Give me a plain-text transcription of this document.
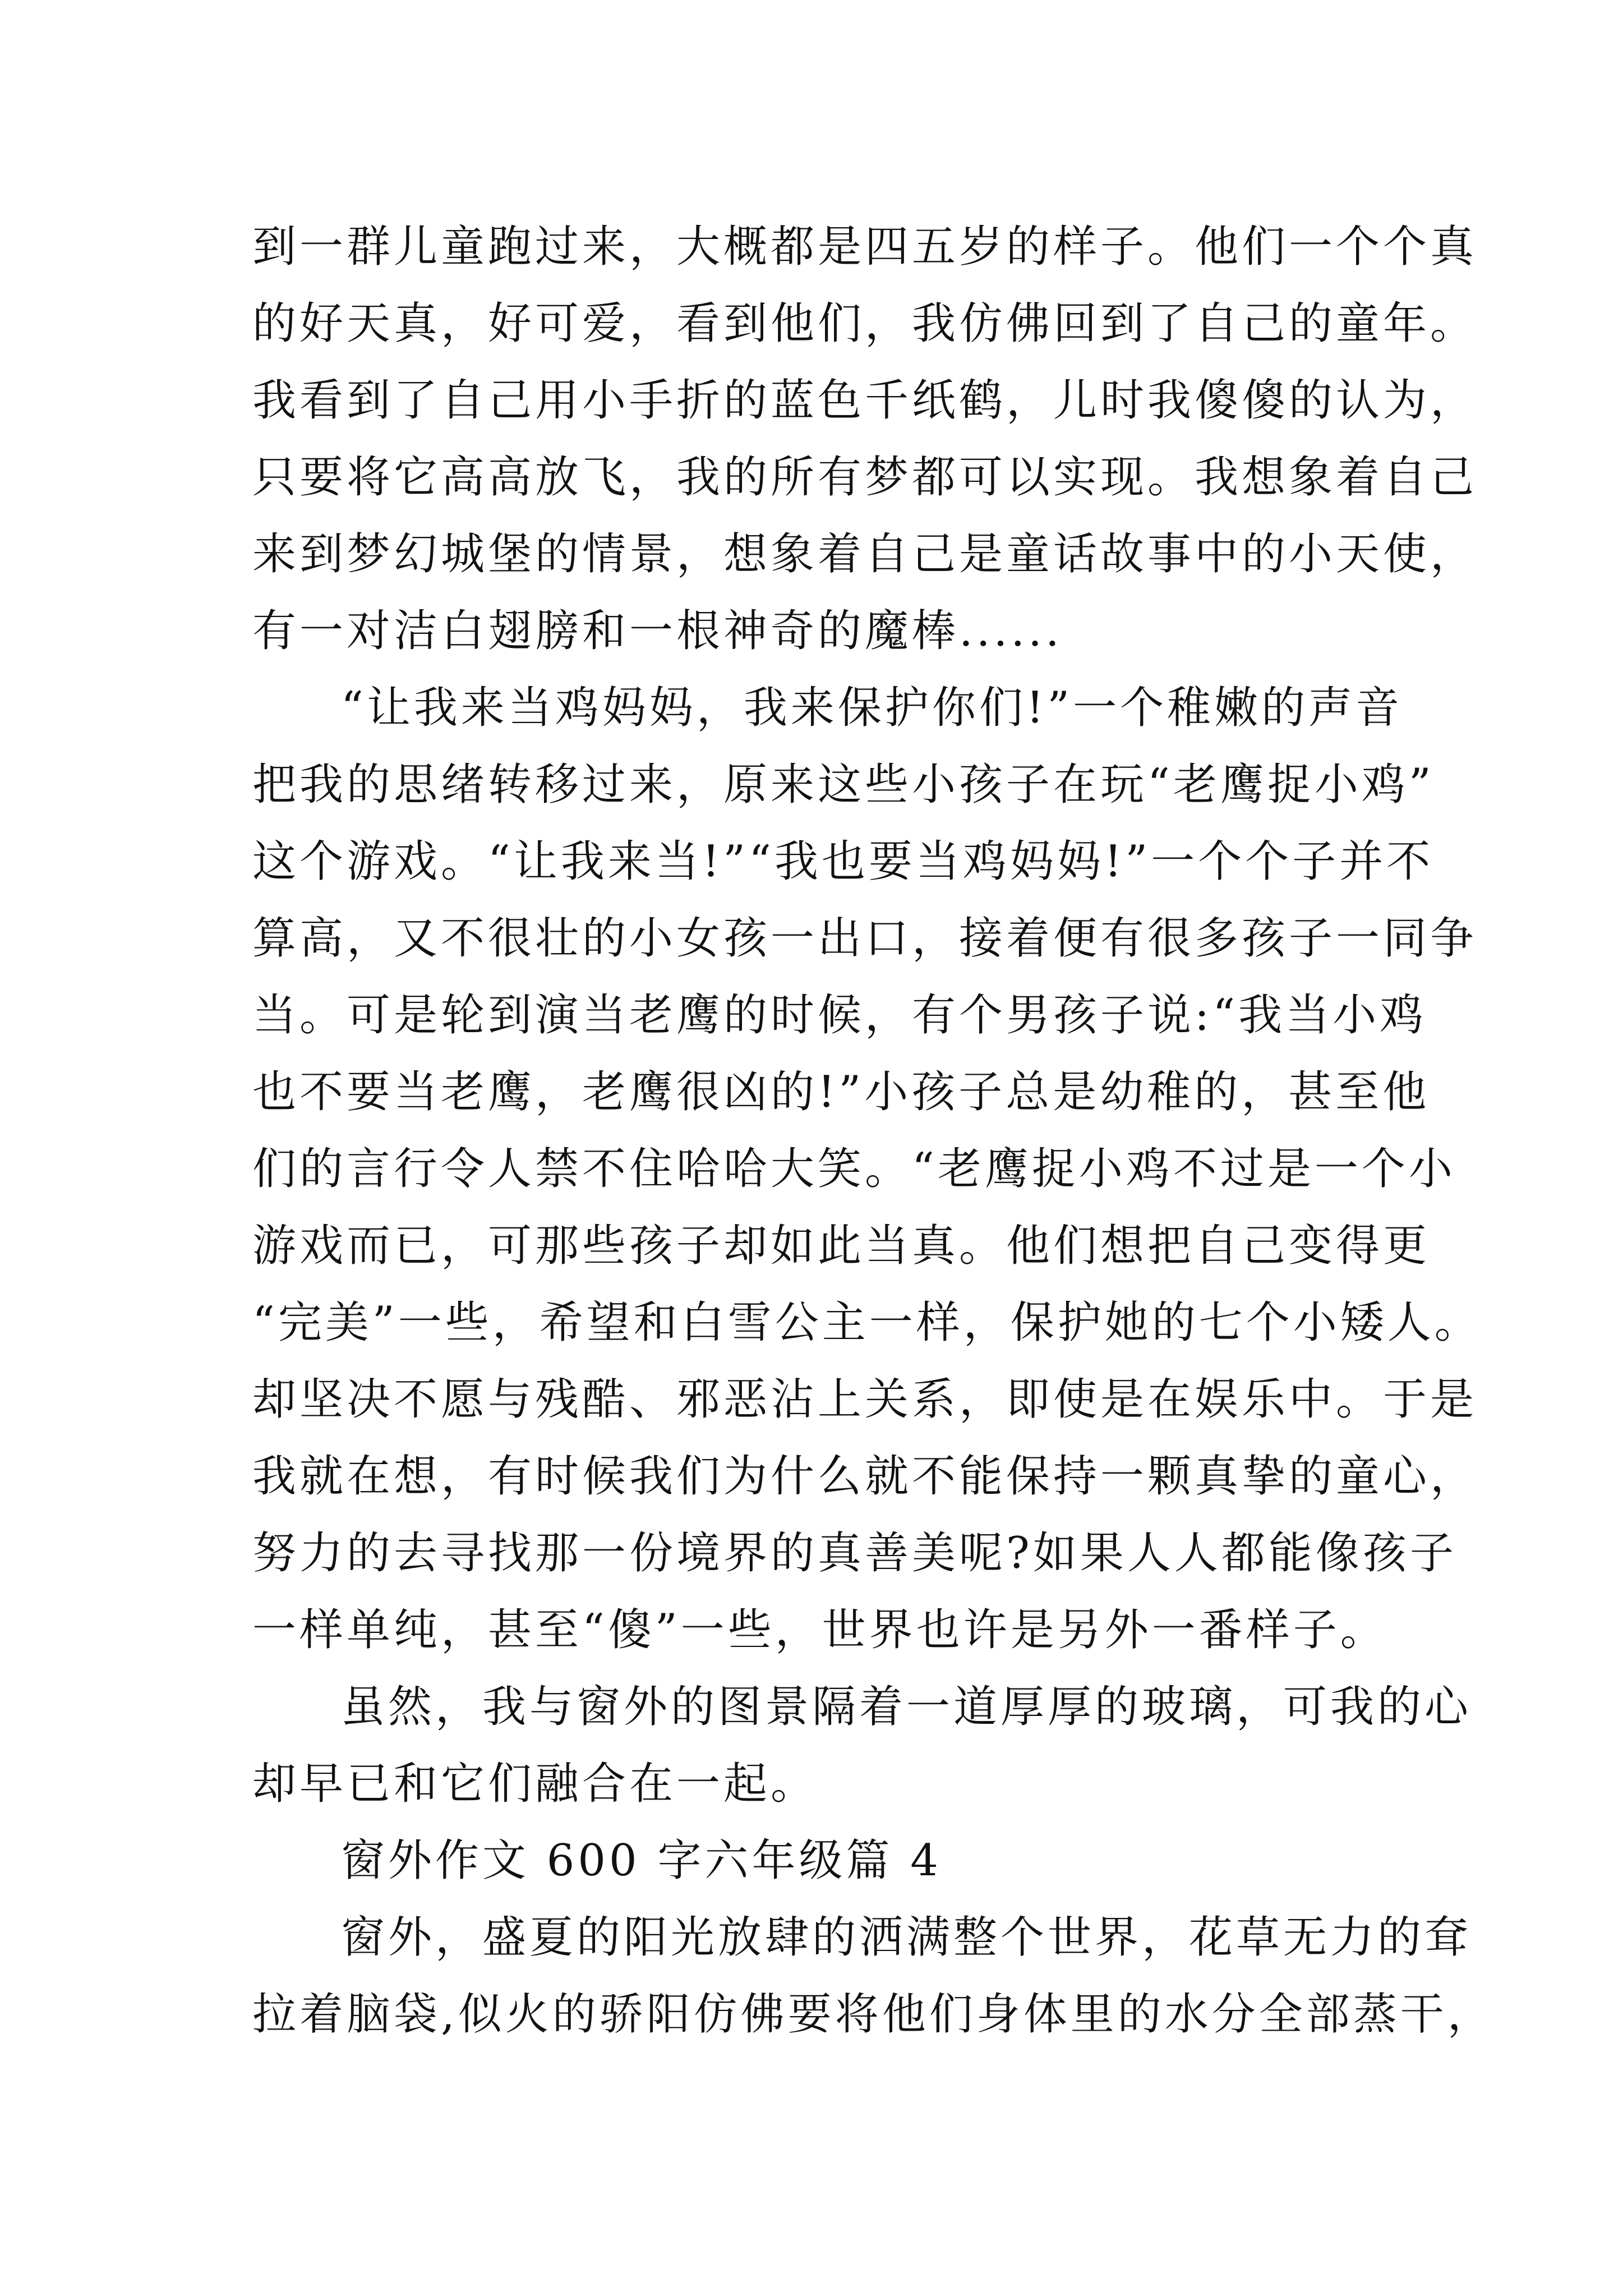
到一群儿童跑过来，大概都是四五岁的样子。他们一个个真
的好天真，好可爱，看到他们，我仿佛回到了自己的童年。
我看到了自己用小手折的蓝色千纸鹤，儿时我傻傻的认为，
只要将它高高放飞，我的所有梦都可以实现。我想象着自己
来到梦幻城堡的情景，想象着自己是童话故事中的小天使，
有一对洁白翅膀和一根神奇的魔棒......
“让我来当鸡妈妈，我来保护你们!”一个稚嫩的声音
把我的思绪转移过来，原来这些小孩子在玩“老鹰捉小鸡”
这个游戏。“让我来当!”“我也要当鸡妈妈!”一个个子并不
算高，又不很壮的小女孩一出口，接着便有很多孩子一同争
当。可是轮到演当老鹰的时候，有个男孩子说:“我当小鸡
也不要当老鹰，老鹰很凶的!”小孩子总是幼稚的，甚至他
们的言行令人禁不住哈哈大笑。“老鹰捉小鸡不过是一个小
游戏而已，可那些孩子却如此当真。他们想把自己变得更
“完美”一些，希望和白雪公主一样，保护她的七个小矮人。
却坚决不愿与残酷、邪恶沾上关系，即使是在娱乐中。于是
我就在想，有时候我们为什么就不能保持一颗真挚的童心，
努力的去寻找那一份境界的真善美呢?如果人人都能像孩子
一样单纯，甚至“傻”一些，世界也许是另外一番样子。
虽然，我与窗外的图景隔着一道厚厚的玻璃，可我的心
却早已和它们融合在一起。
窗外作文 600 字六年级篇 4
窗外，盛夏的阳光放肆的洒满整个世界，花草无力的耷
拉着脑袋,似火的骄阳仿佛要将他们身体里的水分全部蒸干，
